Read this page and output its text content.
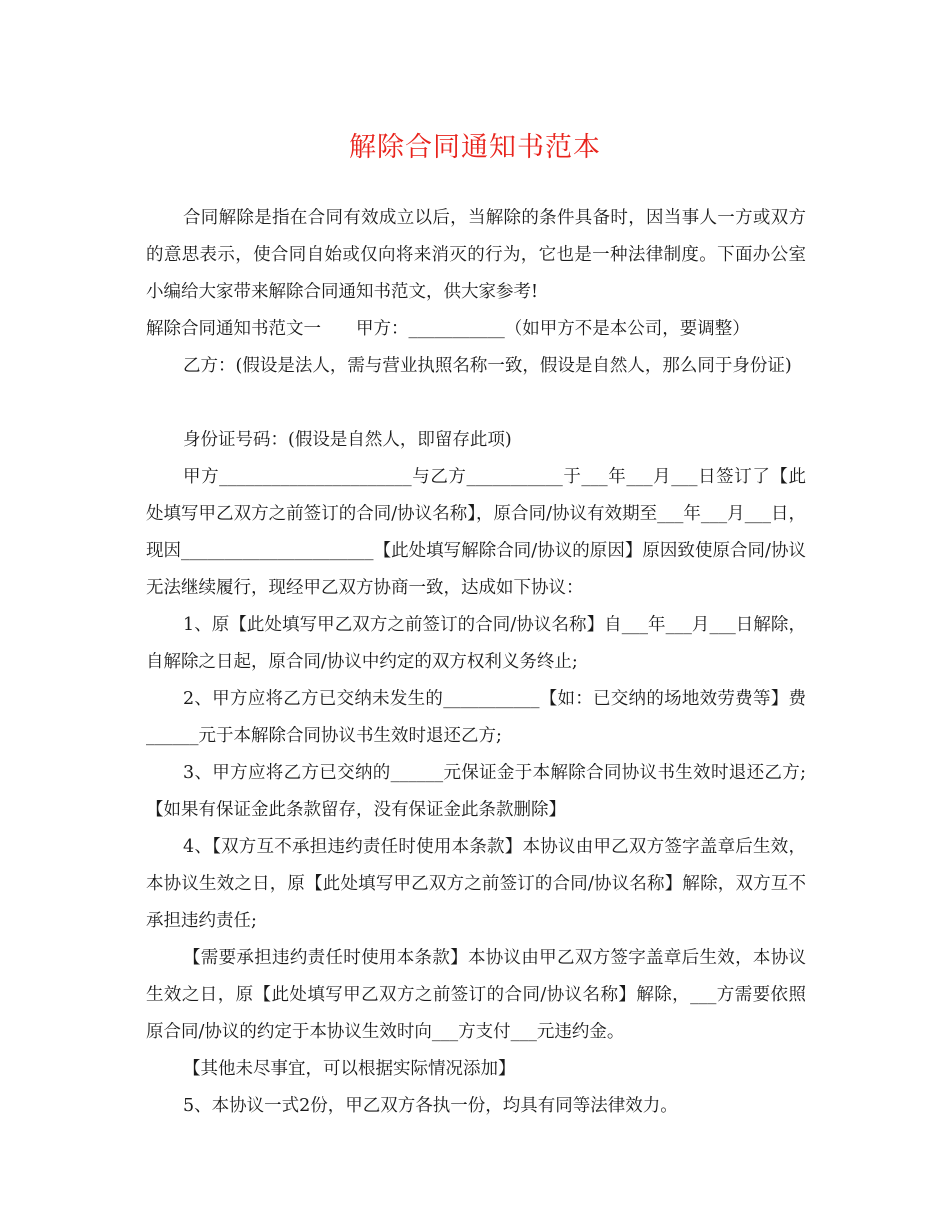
解除合同通知书范本
合同解除是指在合同有效成立以后，当解除的条件具备时，因当事人一方或双方的意思表示，使合同自始或仅向将来消灭的行为，它也是一种法律制度。下面办公室小编给大家带来解除合同通知书范文，供大家参考!
解除合同通知书范文一　　甲方：___________（如甲方不是本公司，要调整）
乙方：(假设是法人，需与营业执照名称一致，假设是自然人，那么同于身份证)
身份证号码：(假设是自然人，即留存此项)
甲方______________________与乙方___________于___年___月___日签订了【此处填写甲乙双方之前签订的合同/协议名称】，原合同/协议有效期至___年___月___日，现因______________________【此处填写解除合同/协议的原因】原因致使原合同/协议无法继续履行，现经甲乙双方协商一致，达成如下协议：
1、原【此处填写甲乙双方之前签订的合同/协议名称】自___年___月___日解除，自解除之日起，原合同/协议中约定的双方权利义务终止;
2、甲方应将乙方已交纳未发生的___________【如：已交纳的场地效劳费等】费______元于本解除合同协议书生效时退还乙方;
3、甲方应将乙方已交纳的______元保证金于本解除合同协议书生效时退还乙方;【如果有保证金此条款留存，没有保证金此条款删除】
4、【双方互不承担违约责任时使用本条款】本协议由甲乙双方签字盖章后生效，本协议生效之日，原【此处填写甲乙双方之前签订的合同/协议名称】解除，双方互不承担违约责任;
【需要承担违约责任时使用本条款】本协议由甲乙双方签字盖章后生效，本协议生效之日，原【此处填写甲乙双方之前签订的合同/协议名称】解除，___方需要依照原合同/协议的约定于本协议生效时向___方支付___元违约金。
【其他未尽事宜，可以根据实际情况添加】
5、本协议一式2份，甲乙双方各执一份，均具有同等法律效力。
